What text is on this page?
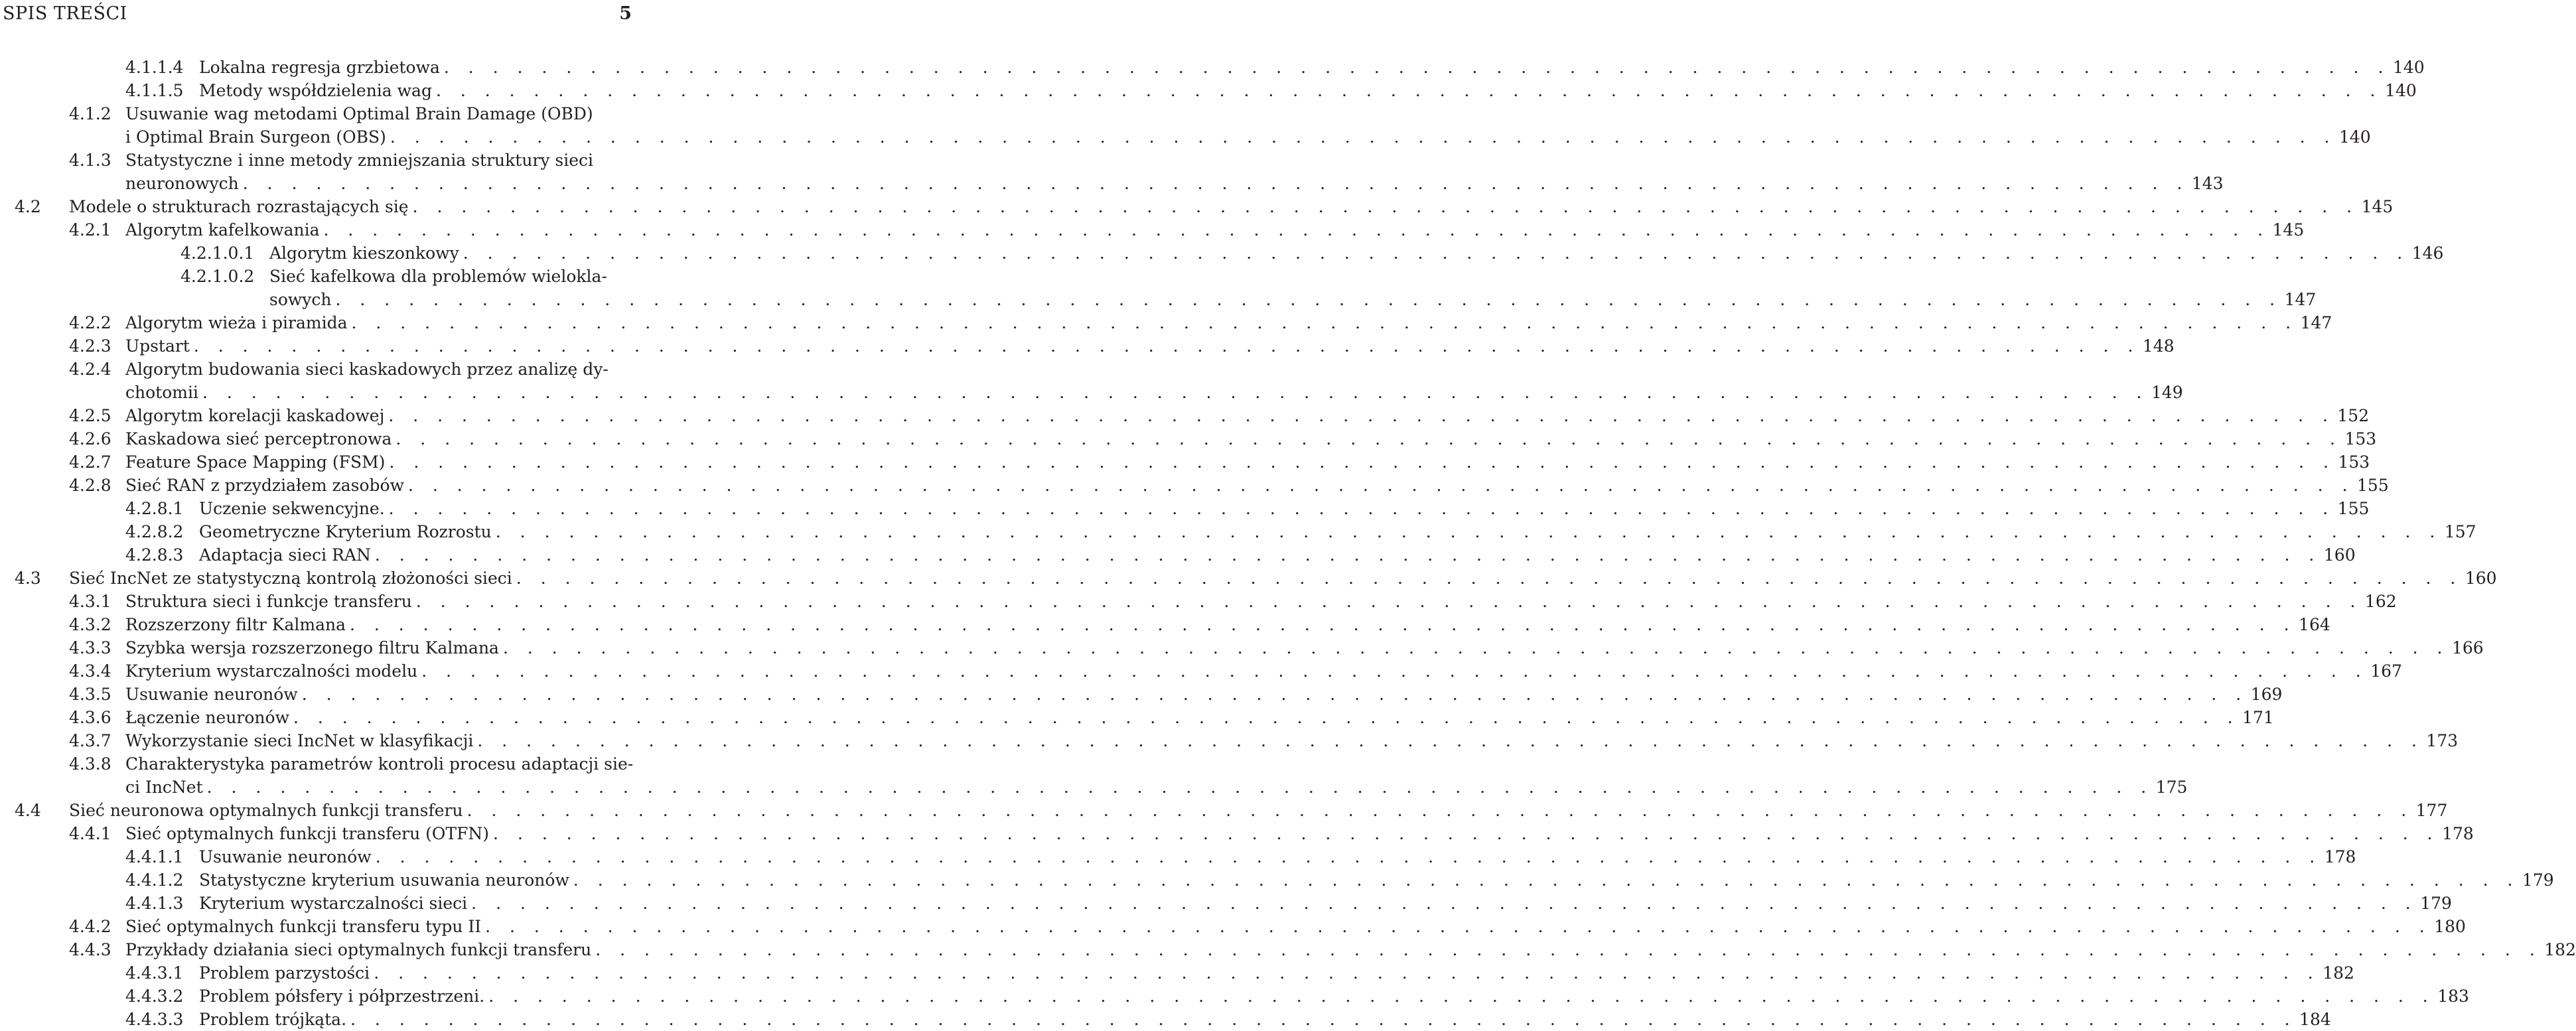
SPIS TREŚCI	5
4.1.1.4 Lokalna regresja grzbietowa . . . . . . . . . . . . . . . . . . . . . . . . . . . . . . . . . . . . . . . . . . . . . . . . . . . . . . . . . . . . . . . . . . . . . . . . . . . . . . . . 140
4.1.1.5 Metody współdzielenia wag . . . . . . . . . . . . . . . . . . . . . . . . . . . . . . . . . . . . . . . . . . . . . . . . . . . . . . . . . . . . . . . . . . . . . . . . . . . . . . . . 140
4.1.2 Usuwanie wag metodami Optimal Brain Damage (OBD)
i Optimal Brain Surgeon (OBS) . . . . . . . . . . . . . . . . . . . . . . . . . . . . . . . . . . . . . . . . . . . . . . . . . . . . . . . . . . . . . . . . . . . . . . . . . . . . . . . . 140
4.1.3 Statystyczne i inne metody zmniejszania struktury sieci
neuronowych . . . . . . . . . . . . . . . . . . . . . . . . . . . . . . . . . . . . . . . . . . . . . . . . . . . . . . . . . . . . . . . . . . . . . . . . . . . . . . . . 143
4.2 Modele o strukturach rozrastających się . . . . . . . . . . . . . . . . . . . . . . . . . . . . . . . . . . . . . . . . . . . . . . . . . . . . . . . . . . . . . . . . . . . . . . . . . . . . . . . . 145
4.2.1 Algorytm kafelkowania . . . . . . . . . . . . . . . . . . . . . . . . . . . . . . . . . . . . . . . . . . . . . . . . . . . . . . . . . . . . . . . . . . . . . . . . . . . . . . . . 145
4.2.1.0.1 Algorytm kieszonkowy . . . . . . . . . . . . . . . . . . . . . . . . . . . . . . . . . . . . . . . . . . . . . . . . . . . . . . . . . . . . . . . . . . . . . . . . . . . . . . . . 146
4.2.1.0.2 Sieć kafelkowa dla problemów wielokla-
sowych . . . . . . . . . . . . . . . . . . . . . . . . . . . . . . . . . . . . . . . . . . . . . . . . . . . . . . . . . . . . . . . . . . . . . . . . . . . . . . . . 147
4.2.2 Algorytm wieża i piramida . . . . . . . . . . . . . . . . . . . . . . . . . . . . . . . . . . . . . . . . . . . . . . . . . . . . . . . . . . . . . . . . . . . . . . . . . . . . . . . . 147
4.2.3 Upstart . . . . . . . . . . . . . . . . . . . . . . . . . . . . . . . . . . . . . . . . . . . . . . . . . . . . . . . . . . . . . . . . . . . . . . . . . . . . . . . . 148
4.2.4 Algorytm budowania sieci kaskadowych przez analizę dy-
chotomii . . . . . . . . . . . . . . . . . . . . . . . . . . . . . . . . . . . . . . . . . . . . . . . . . . . . . . . . . . . . . . . . . . . . . . . . . . . . . . . . 149
4.2.5 Algorytm korelacji kaskadowej . . . . . . . . . . . . . . . . . . . . . . . . . . . . . . . . . . . . . . . . . . . . . . . . . . . . . . . . . . . . . . . . . . . . . . . . . . . . . . . . 152
4.2.6 Kaskadowa sieć perceptronowa . . . . . . . . . . . . . . . . . . . . . . . . . . . . . . . . . . . . . . . . . . . . . . . . . . . . . . . . . . . . . . . . . . . . . . . . . . . . . . . . 153
4.2.7 Feature Space Mapping (FSM) . . . . . . . . . . . . . . . . . . . . . . . . . . . . . . . . . . . . . . . . . . . . . . . . . . . . . . . . . . . . . . . . . . . . . . . . . . . . . . . . 153
4.2.8 Sieć RAN z przydziałem zasobów . . . . . . . . . . . . . . . . . . . . . . . . . . . . . . . . . . . . . . . . . . . . . . . . . . . . . . . . . . . . . . . . . . . . . . . . . . . . . . . . 155
4.2.8.1 Uczenie sekwencyjne. . . . . . . . . . . . . . . . . . . . . . . . . . . . . . . . . . . . . . . . . . . . . . . . . . . . . . . . . . . . . . . . . . . . . . . . . . . . . . . . . 155
4.2.8.2 Geometryczne Kryterium Rozrostu . . . . . . . . . . . . . . . . . . . . . . . . . . . . . . . . . . . . . . . . . . . . . . . . . . . . . . . . . . . . . . . . . . . . . . . . . . . . . . . . 157
4.2.8.3 Adaptacja sieci RAN . . . . . . . . . . . . . . . . . . . . . . . . . . . . . . . . . . . . . . . . . . . . . . . . . . . . . . . . . . . . . . . . . . . . . . . . . . . . . . . . 160
4.3 Sieć IncNet ze statystyczną kontrolą złożoności sieci . . . . . . . . . . . . . . . . . . . . . . . . . . . . . . . . . . . . . . . . . . . . . . . . . . . . . . . . . . . . . . . . . . . . . . . . . . . . . . . . 160
4.3.1 Struktura sieci i funkcje transferu . . . . . . . . . . . . . . . . . . . . . . . . . . . . . . . . . . . . . . . . . . . . . . . . . . . . . . . . . . . . . . . . . . . . . . . . . . . . . . . . 162
4.3.2 Rozszerzony filtr Kalmana . . . . . . . . . . . . . . . . . . . . . . . . . . . . . . . . . . . . . . . . . . . . . . . . . . . . . . . . . . . . . . . . . . . . . . . . . . . . . . . . 164
4.3.3 Szybka wersja rozszerzonego filtru Kalmana . . . . . . . . . . . . . . . . . . . . . . . . . . . . . . . . . . . . . . . . . . . . . . . . . . . . . . . . . . . . . . . . . . . . . . . . . . . . . . . . 166
4.3.4 Kryterium wystarczalności modelu . . . . . . . . . . . . . . . . . . . . . . . . . . . . . . . . . . . . . . . . . . . . . . . . . . . . . . . . . . . . . . . . . . . . . . . . . . . . . . . . 167
4.3.5 Usuwanie neuronów . . . . . . . . . . . . . . . . . . . . . . . . . . . . . . . . . . . . . . . . . . . . . . . . . . . . . . . . . . . . . . . . . . . . . . . . . . . . . . . . 169
4.3.6 Łączenie neuronów . . . . . . . . . . . . . . . . . . . . . . . . . . . . . . . . . . . . . . . . . . . . . . . . . . . . . . . . . . . . . . . . . . . . . . . . . . . . . . . . 171
4.3.7 Wykorzystanie sieci IncNet w klasyfikacji . . . . . . . . . . . . . . . . . . . . . . . . . . . . . . . . . . . . . . . . . . . . . . . . . . . . . . . . . . . . . . . . . . . . . . . . . . . . . . . . 173
4.3.8 Charakterystyka parametrów kontroli procesu adaptacji sie-
ci IncNet . . . . . . . . . . . . . . . . . . . . . . . . . . . . . . . . . . . . . . . . . . . . . . . . . . . . . . . . . . . . . . . . . . . . . . . . . . . . . . . . 175
4.4 Sieć neuronowa optymalnych funkcji transferu . . . . . . . . . . . . . . . . . . . . . . . . . . . . . . . . . . . . . . . . . . . . . . . . . . . . . . . . . . . . . . . . . . . . . . . . . . . . . . . . 177
4.4.1 Sieć optymalnych funkcji transferu (OTFN) . . . . . . . . . . . . . . . . . . . . . . . . . . . . . . . . . . . . . . . . . . . . . . . . . . . . . . . . . . . . . . . . . . . . . . . . . . . . . . . . 178
4.4.1.1 Usuwanie neuronów . . . . . . . . . . . . . . . . . . . . . . . . . . . . . . . . . . . . . . . . . . . . . . . . . . . . . . . . . . . . . . . . . . . . . . . . . . . . . . . . 178
4.4.1.2 Statystyczne kryterium usuwania neuronów . . . . . . . . . . . . . . . . . . . . . . . . . . . . . . . . . . . . . . . . . . . . . . . . . . . . . . . . . . . . . . . . . . . . . . . . . . . . . . . . 179
4.4.1.3 Kryterium wystarczalności sieci . . . . . . . . . . . . . . . . . . . . . . . . . . . . . . . . . . . . . . . . . . . . . . . . . . . . . . . . . . . . . . . . . . . . . . . . . . . . . . . . 179
4.4.2 Sieć optymalnych funkcji transferu typu II . . . . . . . . . . . . . . . . . . . . . . . . . . . . . . . . . . . . . . . . . . . . . . . . . . . . . . . . . . . . . . . . . . . . . . . . . . . . . . . . 180
4.4.3 Przykłady działania sieci optymalnych funkcji transferu . . . . . . . . . . . . . . . . . . . . . . . . . . . . . . . . . . . . . . . . . . . . . . . . . . . . . . . . . . . . . . . . . . . . . . . . . . . . . . . . 182
4.4.3.1 Problem parzystości . . . . . . . . . . . . . . . . . . . . . . . . . . . . . . . . . . . . . . . . . . . . . . . . . . . . . . . . . . . . . . . . . . . . . . . . . . . . . . . . 182
4.4.3.2 Problem półsfery i półprzestrzeni. . . . . . . . . . . . . . . . . . . . . . . . . . . . . . . . . . . . . . . . . . . . . . . . . . . . . . . . . . . . . . . . . . . . . . . . . . . . . . . . . 183
4.4.3.3 Problem trójkąta. . . . . . . . . . . . . . . . . . . . . . . . . . . . . . . . . . . . . . . . . . . . . . . . . . . . . . . . . . . . . . . . . . . . . . . . . . . . . . . . . 184
